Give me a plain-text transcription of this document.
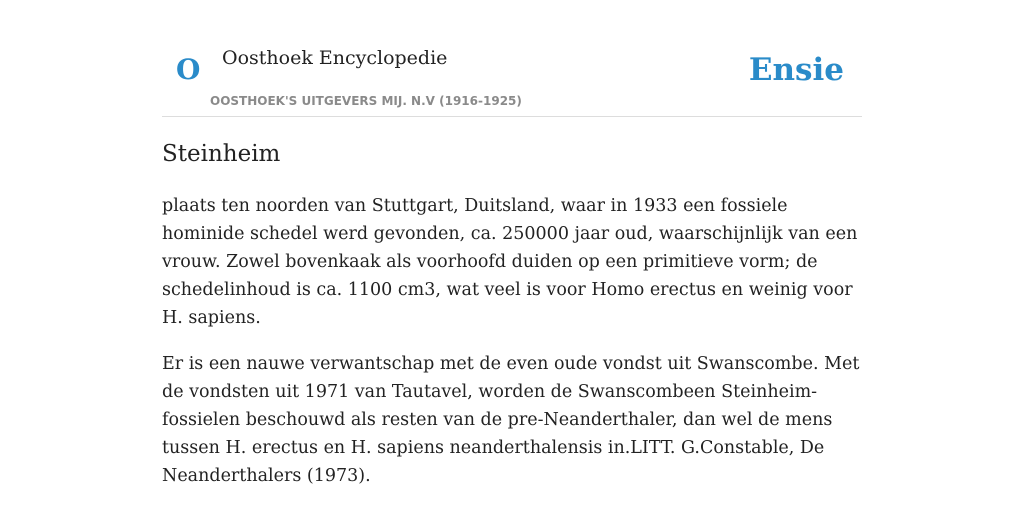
O Oosthoek Encyclopedie
OOSTHOEK'S UITGEVERS MIJ. N.V (1916-1925)
Ensie
Steinheim

plaats ten noorden van Stuttgart, Duitsland, waar in 1933 een fossiele hominide schedel werd gevonden, ca. 250000 jaar oud, waarschijnlijk van een vrouw. Zowel bovenkaak als voorhoofd duiden op een primitieve vorm; de schedelinhoud is ca. 1100 cm3, wat veel is voor Homo erectus en weinig voor H. sapiens.

Er is een nauwe verwantschap met de even oude vondst uit Swanscombe. Met de vondsten uit 1971 van Tautavel, worden de Swanscombeen Steinheim-fossielen beschouwd als resten van de pre-Neanderthaler, dan wel de mens tussen H. erectus en H. sapiens neanderthalensis in.LITT. G.Constable, De Neanderthalers (1973).
